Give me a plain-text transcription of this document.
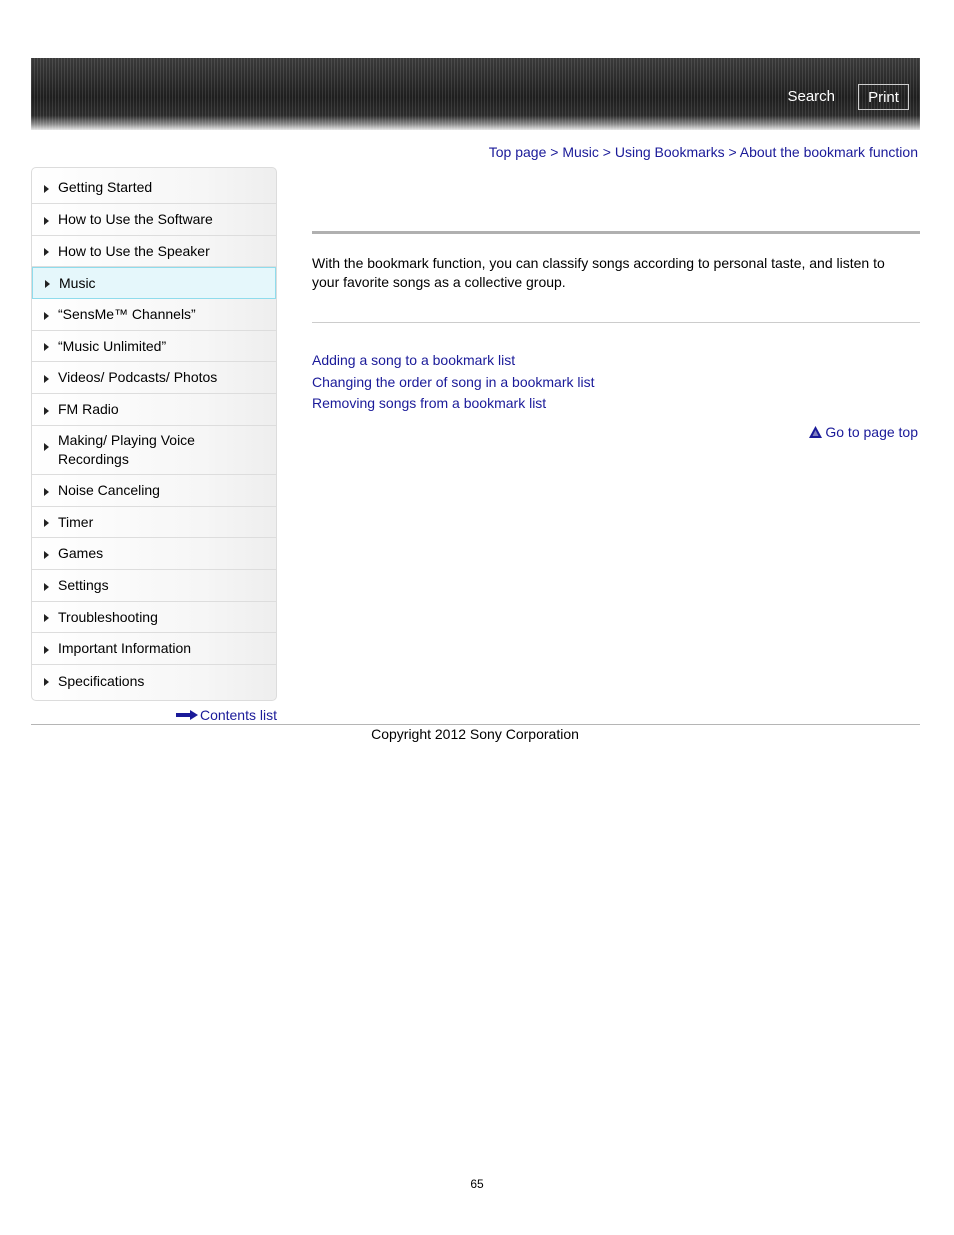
Search	Print
Top page > Music > Using Bookmarks > About the bookmark function
Getting Started
How to Use the Software
How to Use the Speaker
Music
“SensMe™ Channels”
“Music Unlimited”
Videos/ Podcasts/ Photos
FM Radio
Making/ Playing Voice Recordings
Noise Canceling
Timer
Games
Settings
Troubleshooting
Important Information
Specifications
Contents list
With the bookmark function, you can classify songs according to personal taste, and listen to your favorite songs as a collective group.
Adding a song to a bookmark list
Changing the order of song in a bookmark list
Removing songs from a bookmark list
Go to page top
Copyright 2012 Sony Corporation
65
